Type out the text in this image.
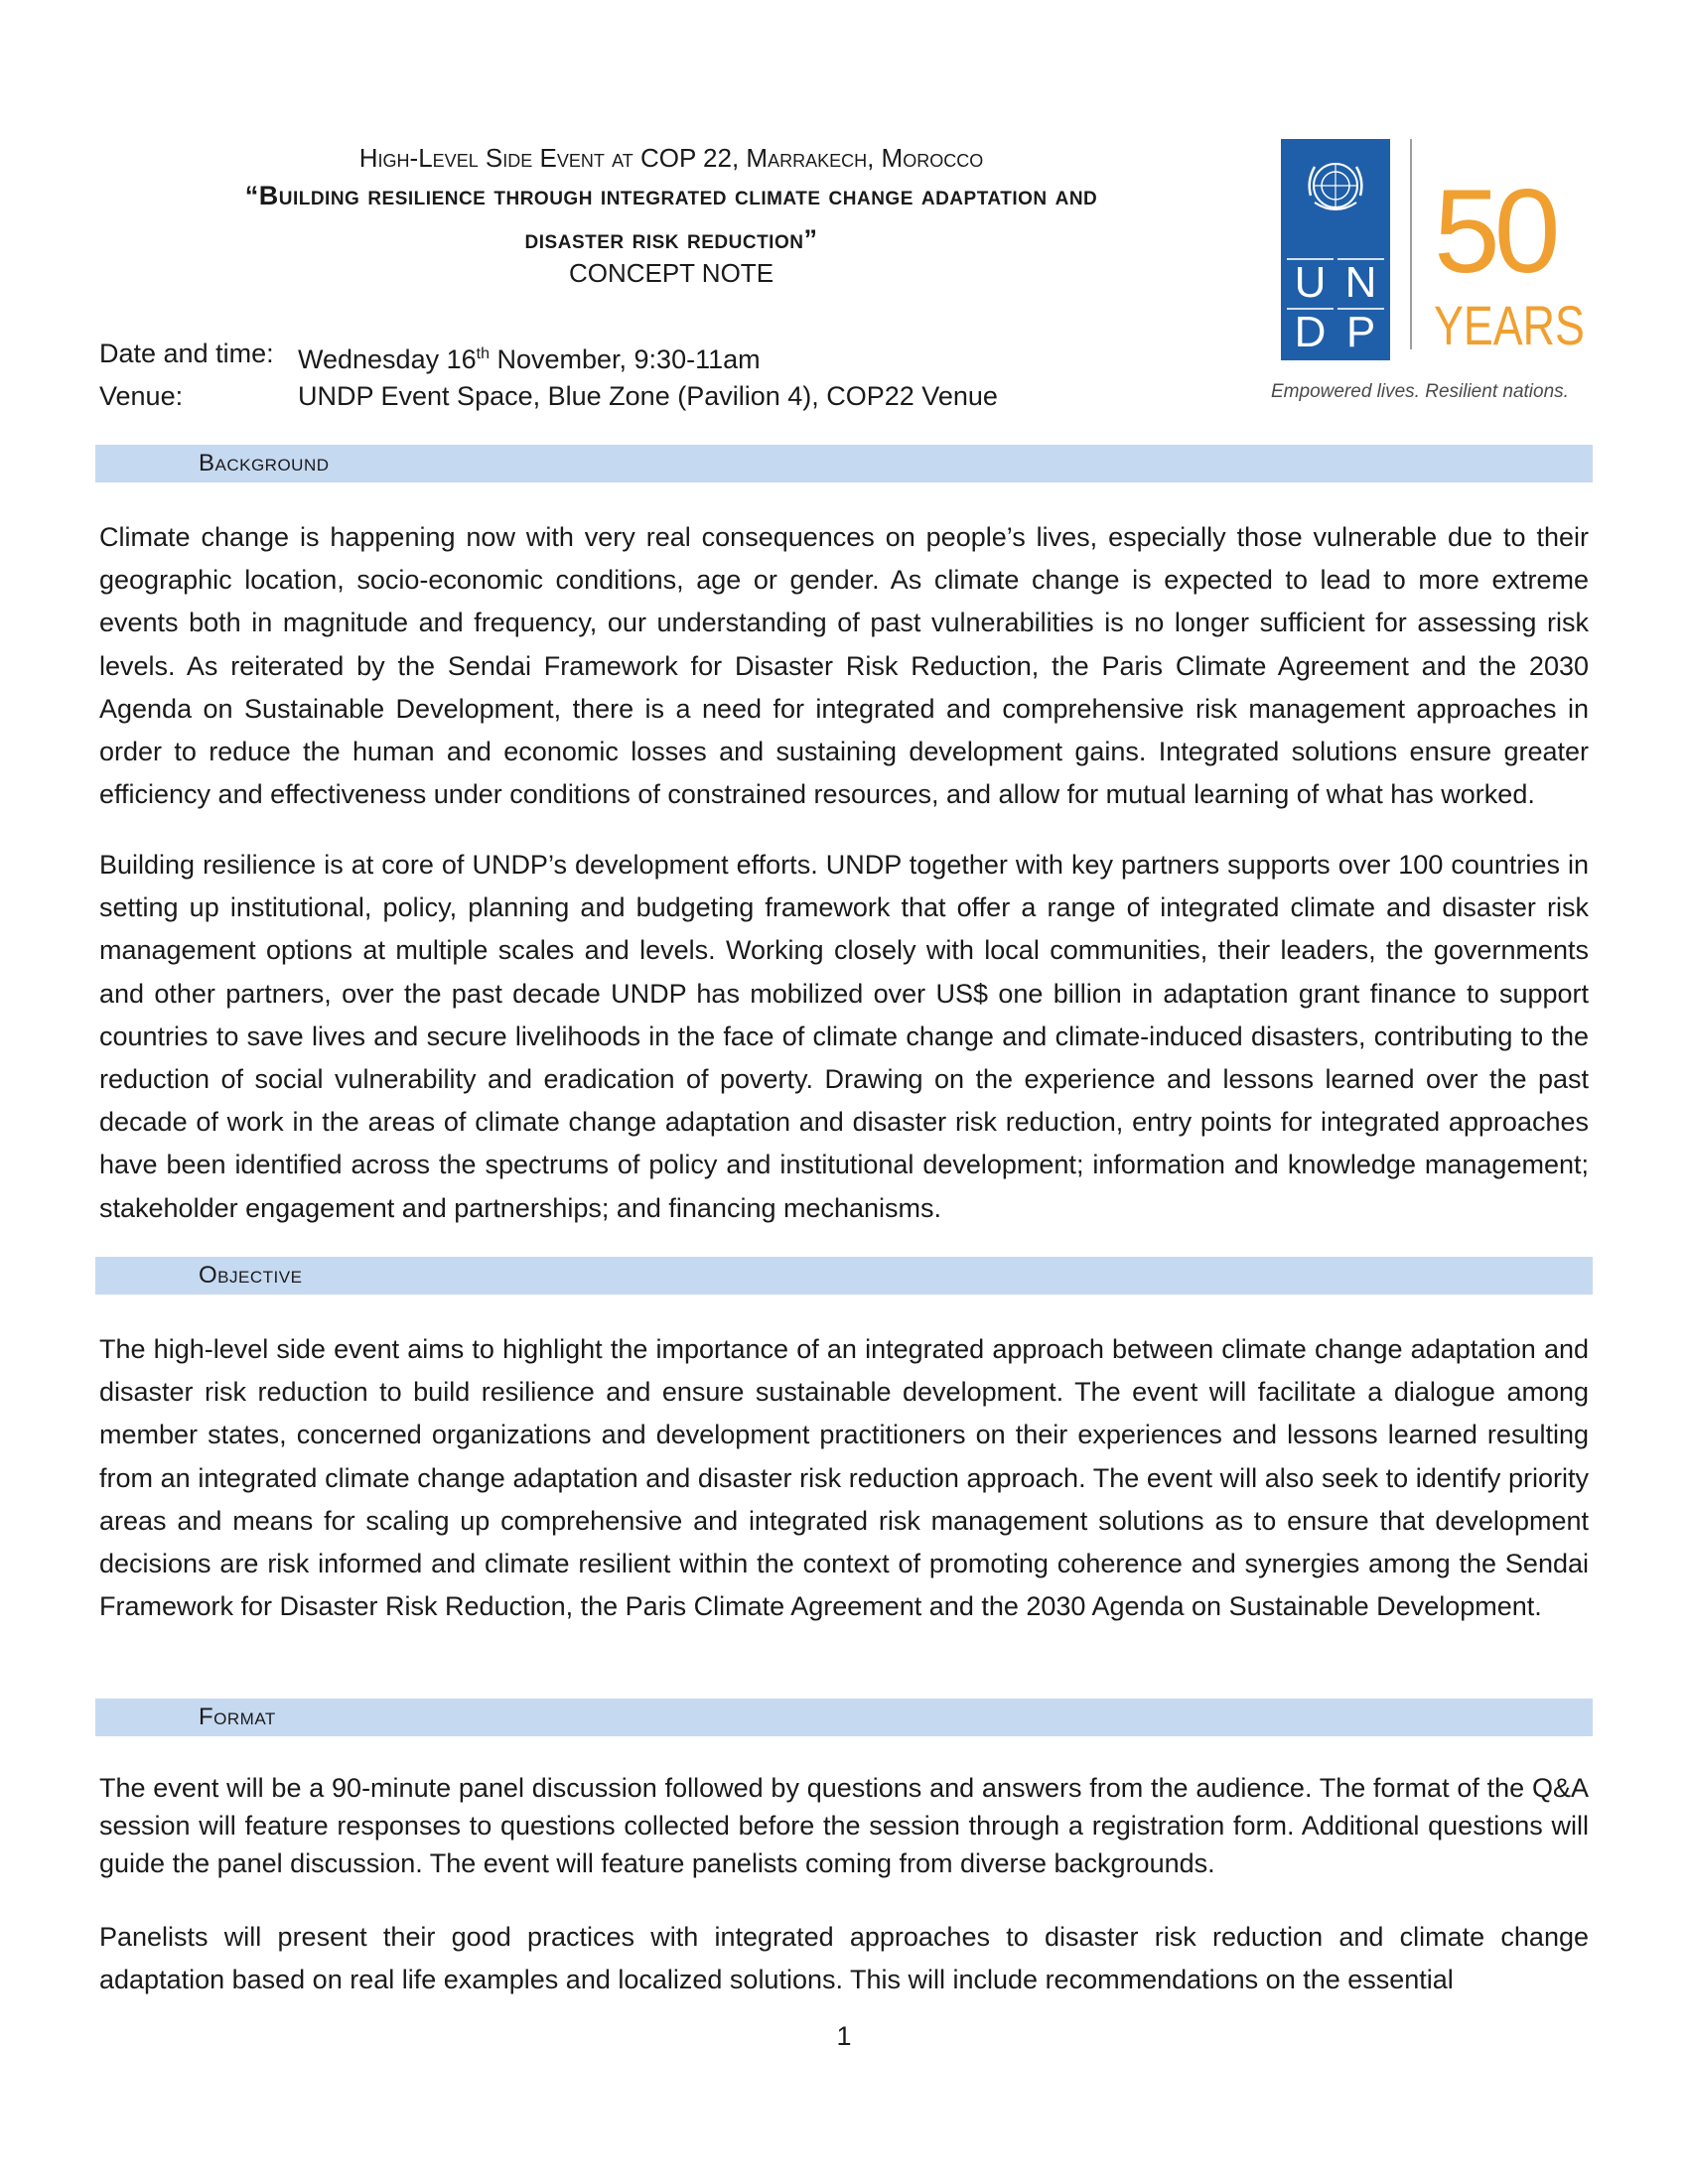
High-Level Side Event at COP 22, Marrakech, Morocco
“Building resilience through integrated climate change adaptation and
disaster risk reduction”
CONCEPT NOTE
Date and time: Wednesday 16th November, 9:30-11am
Venue:	UNDP Event Space, Blue Zone (Pavilion 4), COP22 Venue
U N
D P
50
YEARS
Empowered lives. Resilient nations.
Background

Climate change is happening now with very real consequences on people’s lives, especially those vulnerable due to their geographic location, socio-economic conditions, age or gender. As climate change is expected to lead to more extreme events both in magnitude and frequency, our understanding of past vulnerabilities is no longer sufficient for assessing risk levels. As reiterated by the Sendai Framework for Disaster Risk Reduction, the Paris Climate Agreement and the 2030 Agenda on Sustainable Development, there is a need for integrated and comprehensive risk management approaches in order to reduce the human and economic losses and sustaining development gains. Integrated solutions ensure greater efficiency and effectiveness under conditions of constrained resources, and allow for mutual learning of what has worked.

Building resilience is at core of UNDP’s development efforts. UNDP together with key partners supports over 100 countries in setting up institutional, policy, planning and budgeting framework that offer a range of integrated climate and disaster risk management options at multiple scales and levels. Working closely with local communities, their leaders, the governments and other partners, over the past decade UNDP has mobilized over US$ one billion in adaptation grant finance to support countries to save lives and secure livelihoods in the face of climate change and climate-induced disasters, contributing to the reduction of social vulnerability and eradication of poverty. Drawing on the experience and lessons learned over the past decade of work in the areas of climate change adaptation and disaster risk reduction, entry points for integrated approaches have been identified across the spectrums of policy and institutional development; information and knowledge management; stakeholder engagement and partnerships; and financing mechanisms.

Objective

The high-level side event aims to highlight the importance of an integrated approach between climate change adaptation and disaster risk reduction to build resilience and ensure sustainable development. The event will facilitate a dialogue among member states, concerned organizations and development practitioners on their experiences and lessons learned resulting from an integrated climate change adaptation and disaster risk reduction approach. The event will also seek to identify priority areas and means for scaling up comprehensive and integrated risk management solutions as to ensure that development decisions are risk informed and climate resilient within the context of promoting coherence and synergies among the Sendai Framework for Disaster Risk Reduction, the Paris Climate Agreement and the 2030 Agenda on Sustainable Development.

Format

The event will be a 90-minute panel discussion followed by questions and answers from the audience. The format of the Q&A session will feature responses to questions collected before the session through a registration form. Additional questions will guide the panel discussion. The event will feature panelists coming from diverse backgrounds.

Panelists will present their good practices with integrated approaches to disaster risk reduction and climate change adaptation based on real life examples and localized solutions. This will include recommendations on the essential

1
